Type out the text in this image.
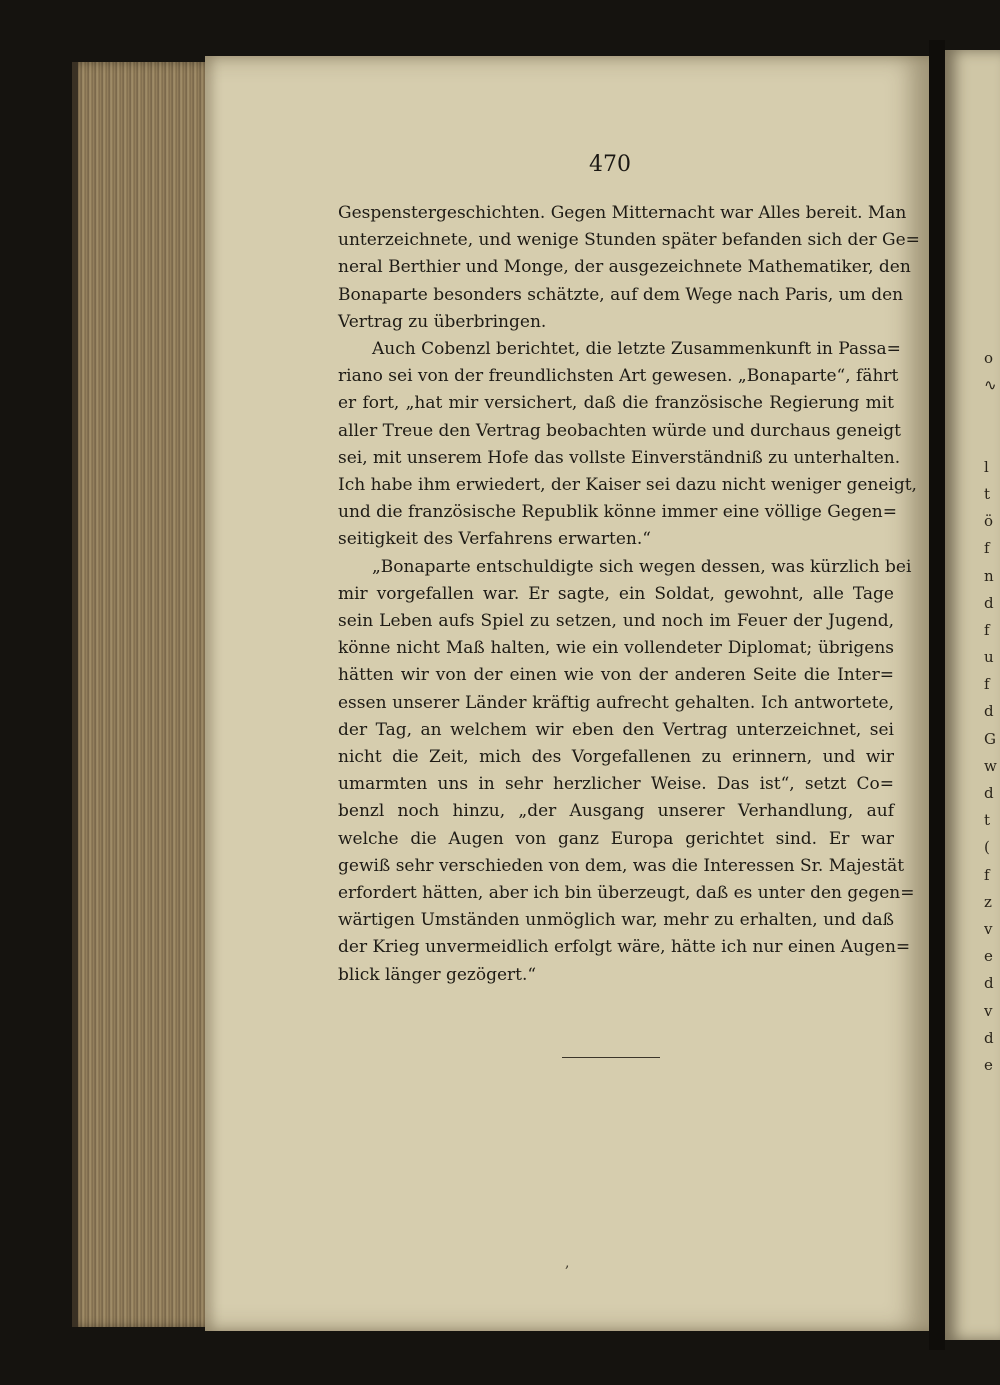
470
Gespenstergeschichten. Gegen Mitternacht war Alles bereit. Man
unterzeichnete, und wenige Stunden später befanden sich der Ge=
neral Berthier und Monge, der ausgezeichnete Mathematiker, den
Bonaparte besonders schätzte, auf dem Wege nach Paris, um den
Vertrag zu überbringen.
Auch Cobenzl berichtet, die letzte Zusammenkunft in Passa=
riano sei von der freundlichsten Art gewesen. „Bonaparte“, fährt
er fort, „hat mir versichert, daß die französische Regierung mit
aller Treue den Vertrag beobachten würde und durchaus geneigt
sei, mit unserem Hofe das vollste Einverständniß zu unterhalten.
Ich habe ihm erwiedert, der Kaiser sei dazu nicht weniger geneigt,
und die französische Republik könne immer eine völlige Gegen=
seitigkeit des Verfahrens erwarten.“
„Bonaparte entschuldigte sich wegen dessen, was kürzlich bei
mir vorgefallen war. Er sagte, ein Soldat, gewohnt, alle Tage
sein Leben aufs Spiel zu setzen, und noch im Feuer der Jugend,
könne nicht Maß halten, wie ein vollendeter Diplomat; übrigens
hätten wir von der einen wie von der anderen Seite die Inter=
essen unserer Länder kräftig aufrecht gehalten. Ich antwortete,
der Tag, an welchem wir eben den Vertrag unterzeichnet, sei
nicht die Zeit, mich des Vorgefallenen zu erinnern, und wir
umarmten uns in sehr herzlicher Weise. Das ist“, setzt Co=
benzl noch hinzu, „der Ausgang unserer Verhandlung, auf
welche die Augen von ganz Europa gerichtet sind. Er war
gewiß sehr verschieden von dem, was die Interessen Sr. Majestät
erfordert hätten, aber ich bin überzeugt, daß es unter den gegen=
wärtigen Umständen unmöglich war, mehr zu erhalten, und daß
der Krieg unvermeidlich erfolgt wäre, hätte ich nur einen Augen=
blick länger gezögert.“
,
o
∿
l
t
ö
f
n
d
f
u
f
d
G
w
d
t
(
f
z
v
e
d
v
d
e
